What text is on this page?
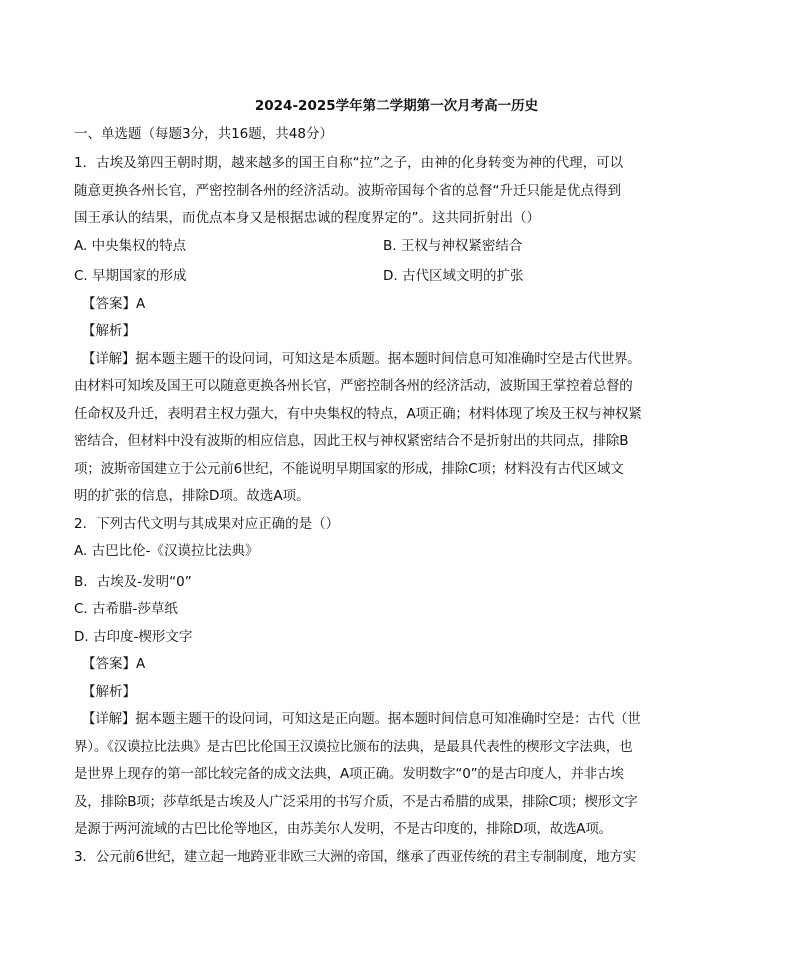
2024-2025学年第二学期第一次月考高一历史
一、单选题（每题3分，共16题，共48分）

1．古埃及第四王朝时期，越来越多的国王自称“拉”之子，由神的化身转变为神的代理，可以

随意更换各州长官，严密控制各州的经济活动。波斯帝国每个省的总督“升迁只能是优点得到

国王承认的结果，而优点本身又是根据忠诚的程度界定的”。这共同折射出（）

A. 中央集权的特点	B. 王权与神权紧密结合
C. 早期国家的形成	D. 古代区域文明的扩张

【答案】A

【解析】

【详解】据本题主题干的设问词，可知这是本质题。据本题时间信息可知准确时空是古代世界。

由材料可知埃及国王可以随意更换各州长官，严密控制各州的经济活动，波斯国王掌控着总督的

任命权及升迁，表明君主权力强大，有中央集权的特点，A项正确；材料体现了埃及王权与神权紧

密结合，但材料中没有波斯的相应信息，因此王权与神权紧密结合不是折射出的共同点，排除B

项；波斯帝国建立于公元前6世纪，不能说明早期国家的形成，排除C项；材料没有古代区域文

明的扩张的信息，排除D项。故选A项。

2．下列古代文明与其成果对应正确的是（）

A. 古巴比伦-《汉谟拉比法典》

B．古埃及-发明“0”

C. 古希腊-莎草纸

D. 古印度-楔形文字

【答案】A

【解析】

【详解】据本题主题干的设问词，可知这是正向题。据本题时间信息可知准确时空是：古代（世

界）。《汉谟拉比法典》是古巴比伦国王汉谟拉比颁布的法典，是最具代表性的楔形文字法典，也

是世界上现存的第一部比较完备的成文法典，A项正确。发明数字“0”的是古印度人，并非古埃

及，排除B项；莎草纸是古埃及人广泛采用的书写介质，不是古希腊的成果，排除C项；楔形文字

是源于两河流域的古巴比伦等地区，由苏美尔人发明，不是古印度的，排除D项，故选A项。

3．公元前6世纪，建立起一地跨亚非欧三大洲的帝国，继承了西亚传统的君主专制制度，地方实
